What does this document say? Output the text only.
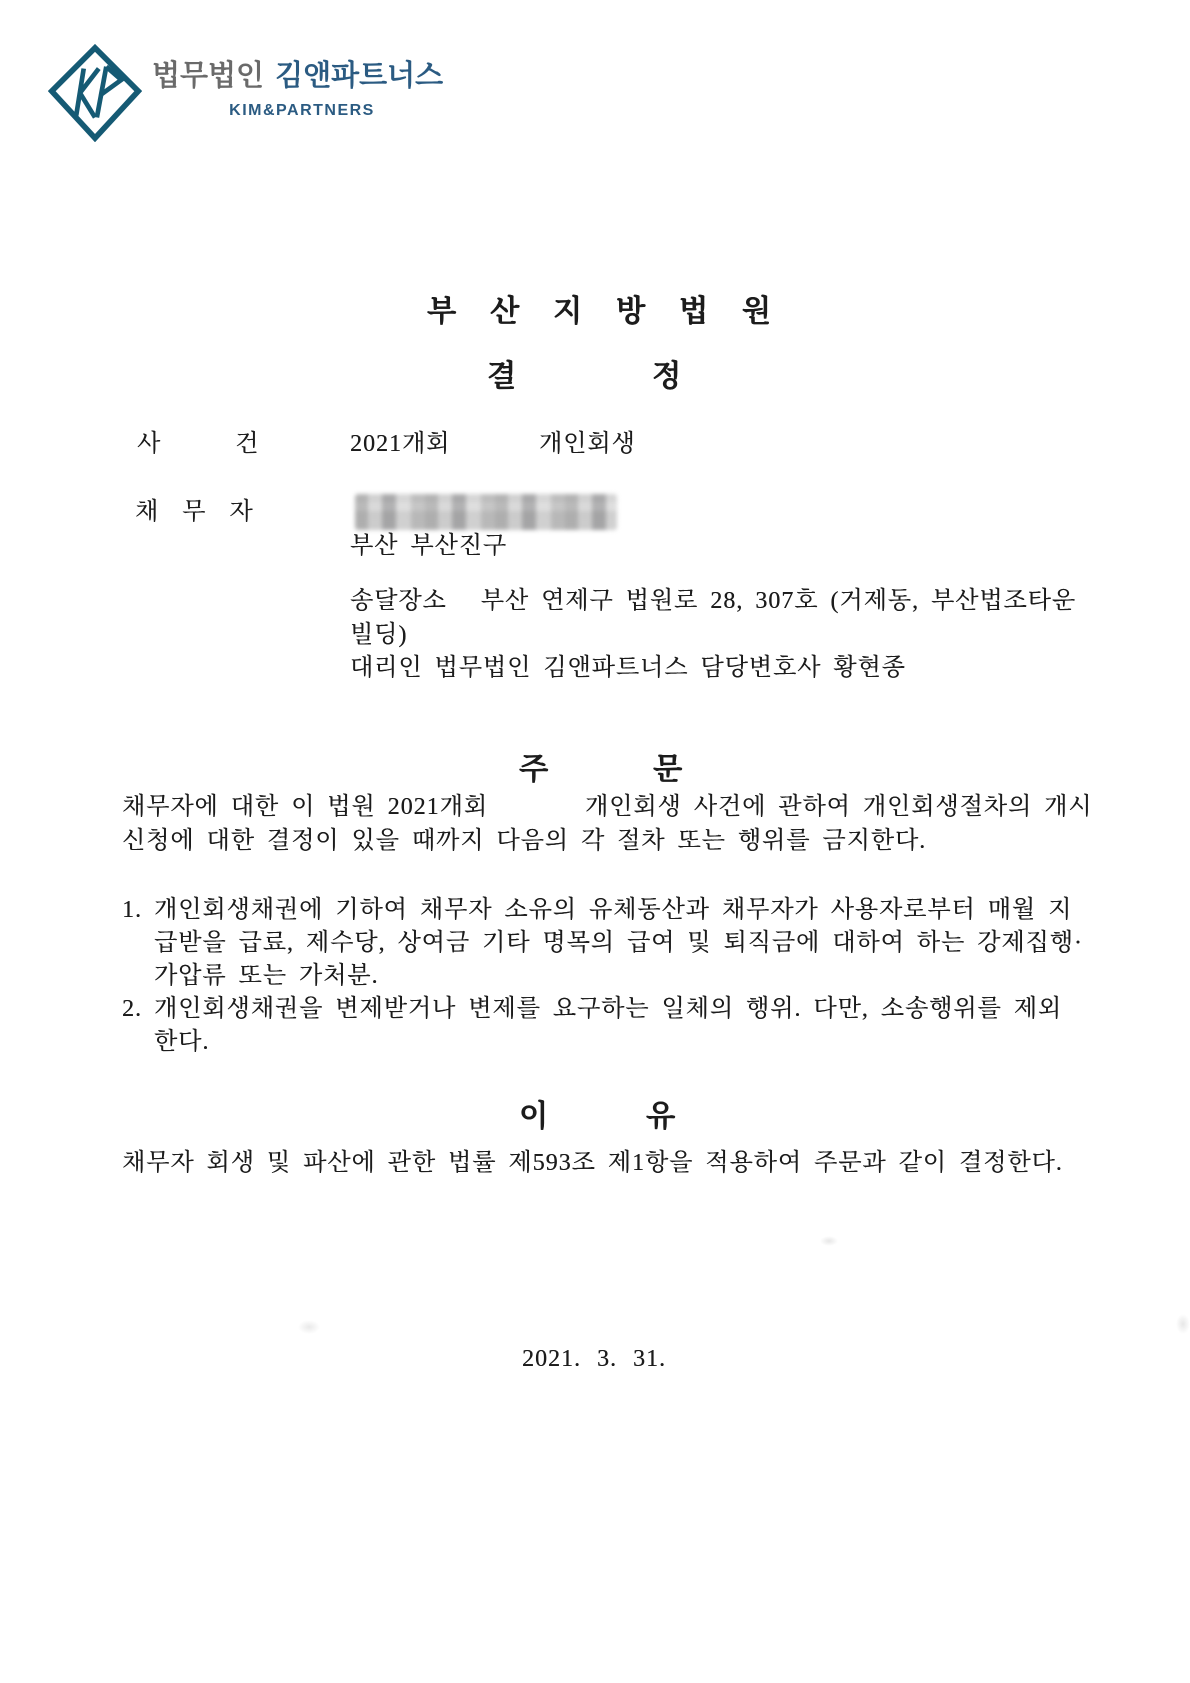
법무법인 김앤파트너스
KIM&PARTNERS
부산지방법원
결	정
사건 2021개회	개인회생
채무자
부산 부산진구
송달장소 부산 연제구 법원로 28, 307호 (거제동, 부산법조타운
빌딩)
대리인 법무법인 김앤파트너스 담당변호사 황현종
주	문
채무자에 대한 이 법원 2021개회	개인회생 사건에 관하여 개인회생절차의 개시
신청에 대한 결정이 있을 때까지 다음의 각 절차 또는 행위를 금지한다.
1. 개인회생채권에 기하여 채무자 소유의 유체동산과 채무자가 사용자로부터 매월 지
급받을 급료, 제수당, 상여금 기타 명목의 급여 및 퇴직금에 대하여 하는 강제집행·
가압류 또는 가처분.
2. 개인회생채권을 변제받거나 변제를 요구하는 일체의 행위. 다만, 소송행위를 제외
한다.
이	유
채무자 회생 및 파산에 관한 법률 제593조 제1항을 적용하여 주문과 같이 결정한다.
2021. 3. 31.
